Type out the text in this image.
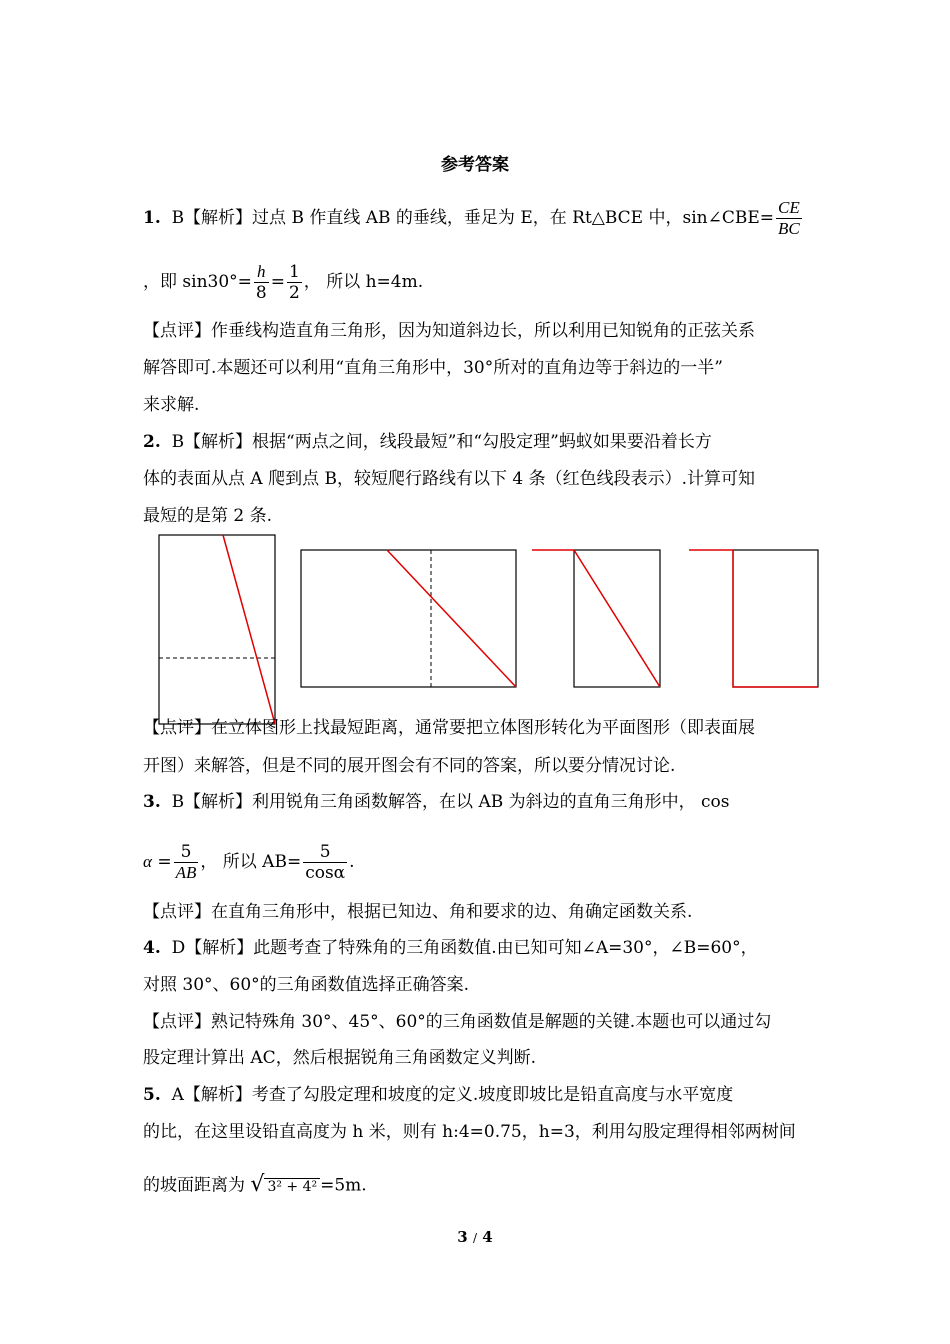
参考答案
1. B【解析】过点 B 作直线 AB 的垂线，垂足为 E，在 Rt△BCE 中，sin∠CBE= $\frac{CE}{BC}$
，即 $\sin 30^\circ= \frac{h}{8} = \frac{1}{2}$ ， 所以 h=4m.
【点评】作垂线构造直角三角形，因为知道斜边长，所以利用已知锐角的正弦关系
解答即可.本题还可以利用“直角三角形中，30°所对的直角边等于斜边的一半”
来求解.
2. B【解析】根据“两点之间，线段最短”和“勾股定理”蚂蚁如果要沿着长方
体的表面从点 A 爬到点 B，较短爬行路线有以下 4 条（红色线段表示）.计算可知
最短的是第 2 条.
【点评】在立体图形上找最短距离，通常要把立体图形转化为平面图形（即表面展
开图）来解答，但是不同的展开图会有不同的答案，所以要分情况讨论.
3. B【解析】利用锐角三角函数解答，在以 AB 为斜边的直角三角形中， cos
$\alpha = \frac{5}{AB}$ ， 所以 $AB= \frac{5}{\cos\alpha}$ .
【点评】在直角三角形中，根据已知边、角和要求的边、角确定函数关系.
4. D【解析】此题考查了特殊角的三角函数值.由已知可知∠A=30°，∠B=60°，
对照 30°、60°的三角函数值选择正确答案.
【点评】熟记特殊角 30°、45°、60°的三角函数值是解题的关键.本题也可以通过勾
股定理计算出 AC，然后根据锐角三角函数定义判断.
5. A【解析】考查了勾股定理和坡度的定义.坡度即坡比是铅直高度与水平宽度
的比，在这里设铅直高度为 h 米，则有 h:4=0.75，h=3，利用勾股定理得相邻两树间
的坡面距离为 √ 3² + 4² =5m.
3 / 4
